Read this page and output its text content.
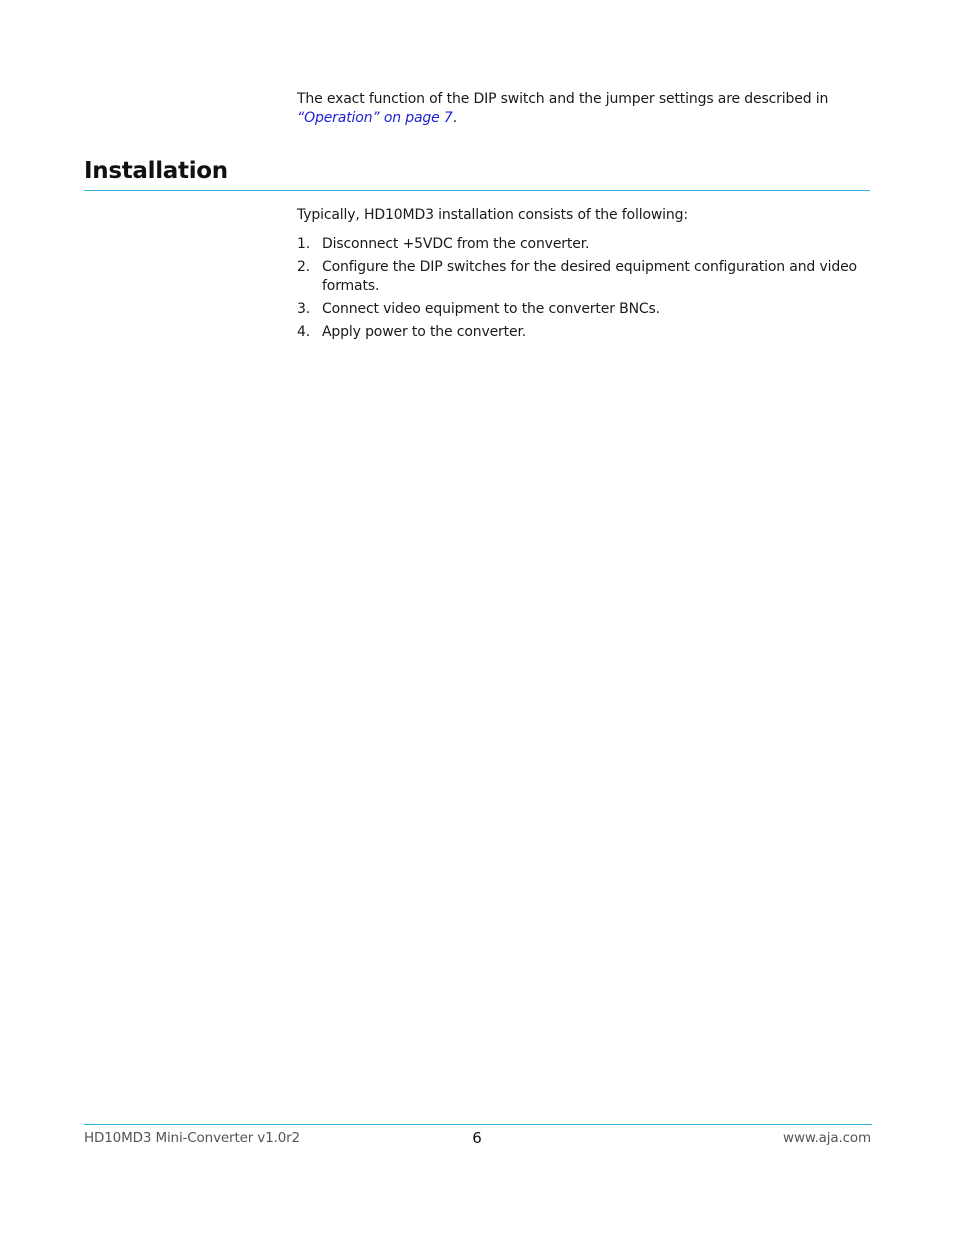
The exact function of the DIP switch and the jumper settings are described in “Operation” on page 7.

Installation

Typically, HD10MD3 installation consists of the following:

1. Disconnect +5VDC from the converter.
2. Configure the DIP switches for the desired equipment configuration and video formats.
3. Connect video equipment to the converter BNCs.
4. Apply power to the converter.
HD10MD3 Mini-Converter v1.0r2	6	www.aja.com
